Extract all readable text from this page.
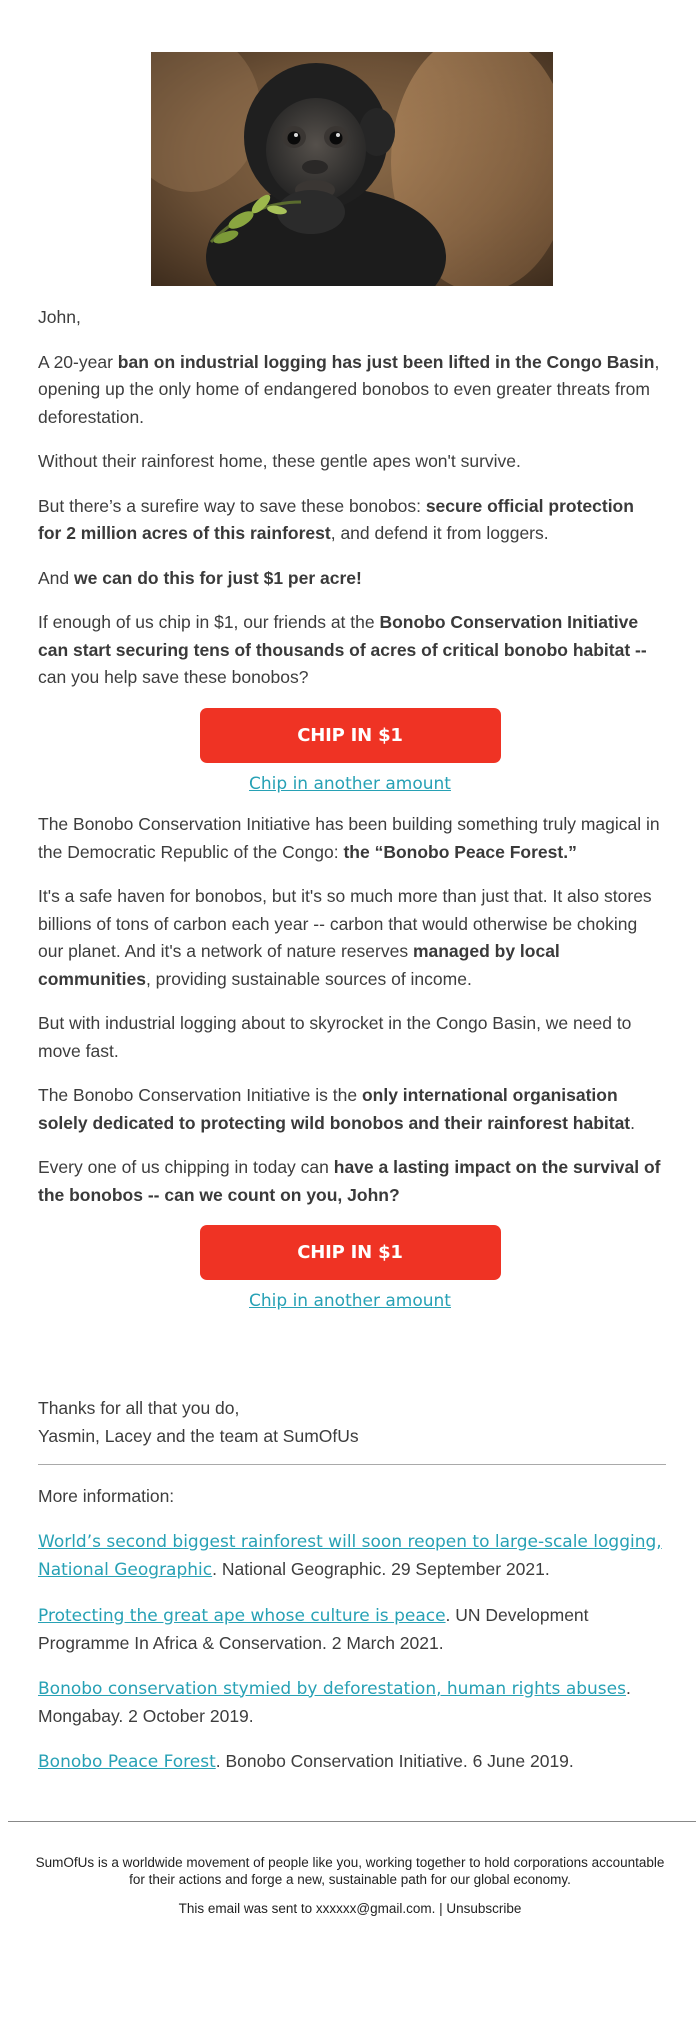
John,

A 20-year ban on industrial logging has just been lifted in the Congo Basin, opening up the only home of endangered bonobos to even greater threats from deforestation.

Without their rainforest home, these gentle apes won't survive.

But there’s a surefire way to save these bonobos: secure official protection for 2 million acres of this rainforest, and defend it from loggers.

And we can do this for just $1 per acre!

If enough of us chip in $1, our friends at the Bonobo Conservation Initiative can start securing tens of thousands of acres of critical bonobo habitat -- can you help save these bonobos?

CHIP IN $1
Chip in another amount

The Bonobo Conservation Initiative has been building something truly magical in the Democratic Republic of the Congo: the “Bonobo Peace Forest.”

It's a safe haven for bonobos, but it's so much more than just that. It also stores billions of tons of carbon each year -- carbon that would otherwise be choking our planet. And it's a network of nature reserves managed by local communities, providing sustainable sources of income.

But with industrial logging about to skyrocket in the Congo Basin, we need to move fast.

The Bonobo Conservation Initiative is the only international organisation solely dedicated to protecting wild bonobos and their rainforest habitat.

Every one of us chipping in today can have a lasting impact on the survival of the bonobos -- can we count on you, John?

CHIP IN $1
Chip in another amount
Thanks for all that you do,
Yasmin, Lacey and the team at SumOfUs

More information:

World’s second biggest rainforest will soon reopen to large-scale logging, National Geographic. National Geographic. 29 September 2021.

Protecting the great ape whose culture is peace. UN Development Programme In Africa & Conservation. 2 March 2021.

Bonobo conservation stymied by deforestation, human rights abuses. Mongabay. 2 October 2019.

Bonobo Peace Forest. Bonobo Conservation Initiative. 6 June 2019.

SumOfUs is a worldwide movement of people like you, working together to hold corporations accountable for their actions and forge a new, sustainable path for our global economy.

This email was sent to xxxxxx@gmail.com. | Unsubscribe
